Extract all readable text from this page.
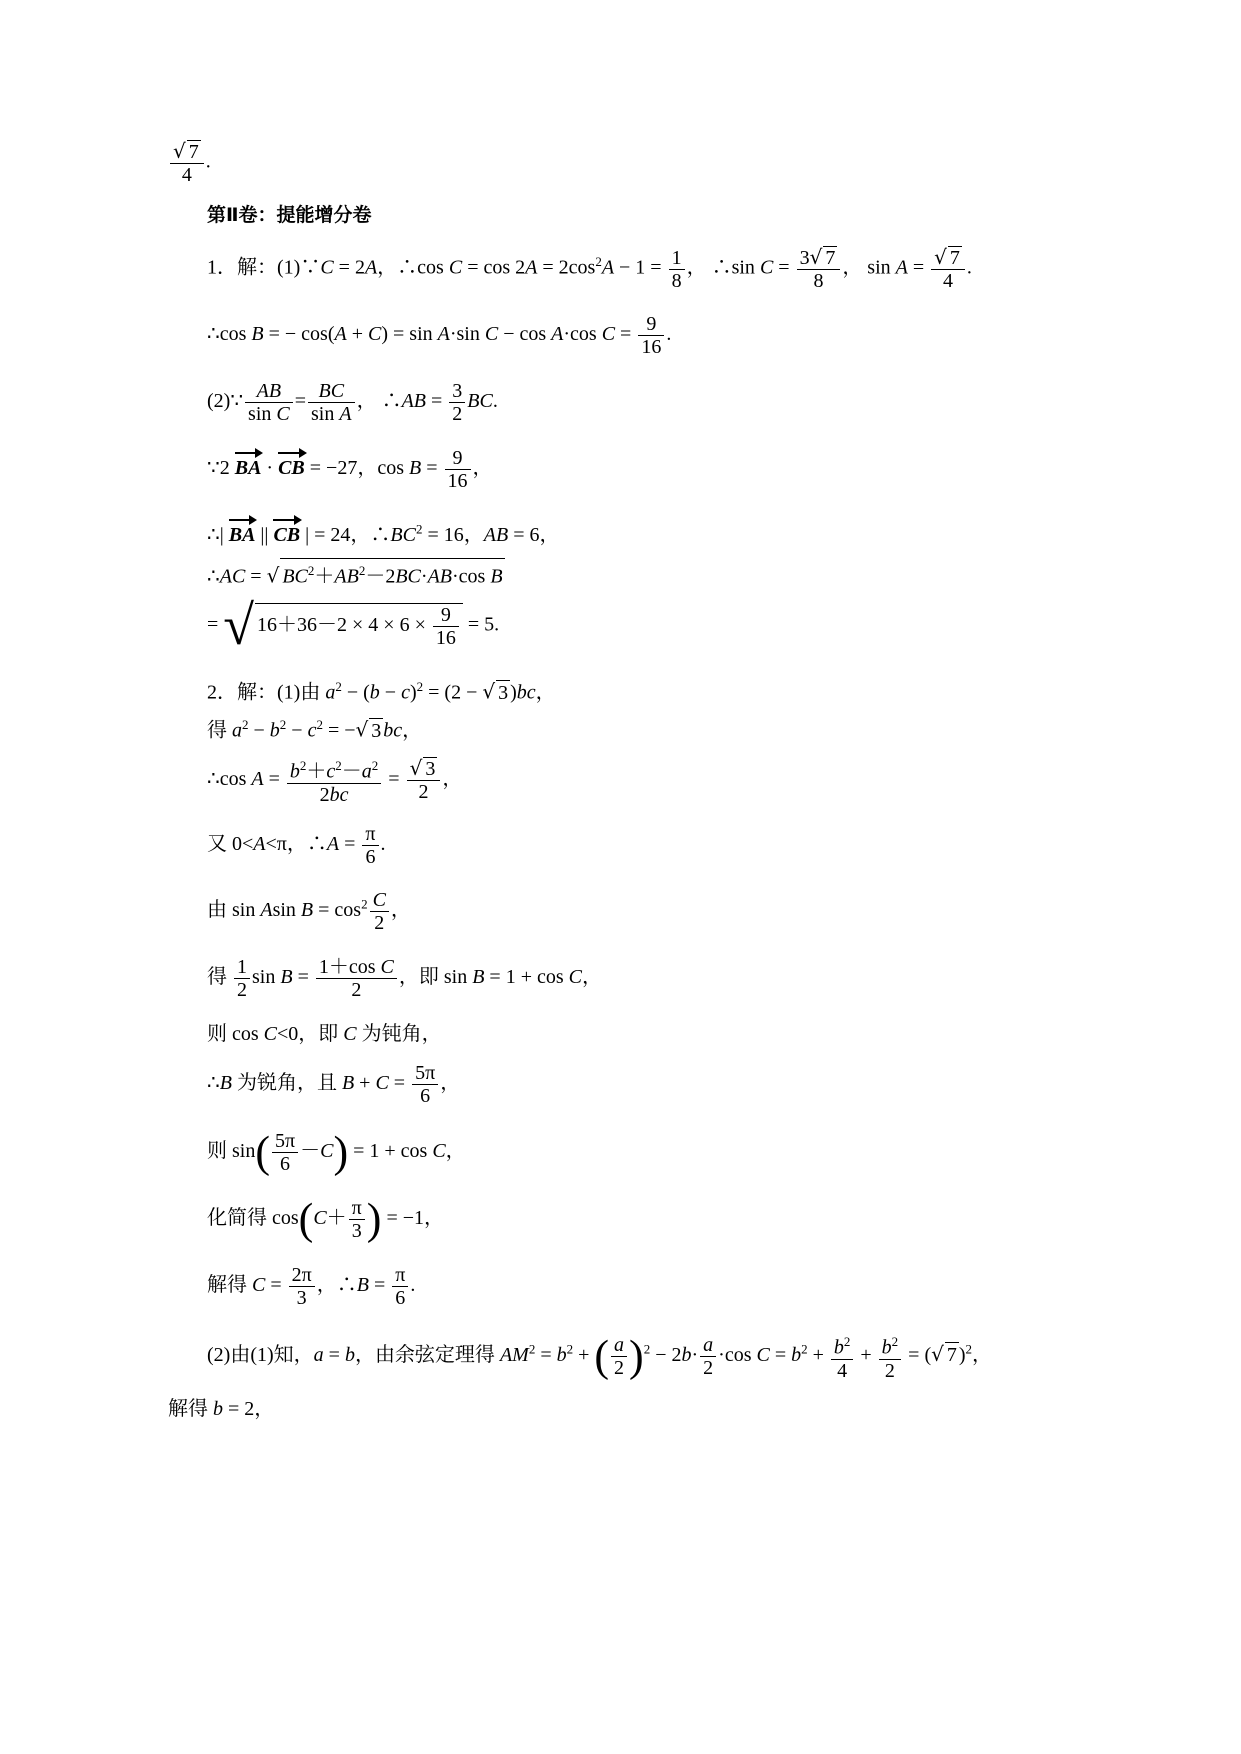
$\frac{√ 7}{4}$ .
第Ⅱ卷：提能增分卷
1．解：(1)∵C = 2A，∴cos $C = \cos 2A = 2\cos^2A - 1 = \frac{1}{8}$ ， ∴sin $C = \frac{3√ 7}{8}$ ， $\sin A = \frac{√ 7}{4}$ .
∴cos B = − cos(A + C) = sin A·sin C − cos A·cos $C = \frac{9}{16}$ .
(2)∵ $\frac{AB}{\text{sin C}} = \frac{BC}{\text{sin A}}$ ， ∴AB = $\frac{3}{2}$ BC.
∵2 BA · CB = −27，$\cos B = \frac{9}{16}$ ，
∴| BA || CB | = 24，$\therefore BC^2 = 16$，AB = 6，
∴AC = √ $BC^2+AB^2-2BC\cdot AB\cdot\cos$ B
= √ $16+36-2 \times 4 \times 6 \times \frac{9}{16} = 5$.
2．解：(1)由 $a^2 - (b - c)^2 = (2$ − √ 3 )bc，
得 $a^2 - b^2 - c^2$ = −√ 3 bc，
∴cos $A = \frac{b^2+c^2-a^2}{2bc} = \frac{√ 3}{2}$ ，
又 0<A<π，∴A = $\frac{\pi}{6}$ .
由 sin Asin $B = \cos^2 \frac{C}{2}$ ，
得 $\frac{1}{2}$ $\sin B = \frac{\text{1＋cos C}}{2}$ ，即 sin B = 1 + cos C，
则 cos C<0，即 C 为钝角，
∴B 为锐角，且 $B + C = \frac{5\pi}{6}$ ，
则 $\sin( \frac{5\pi}{6} -C) = 1 + \cos C$，
化简得 $\cos(C+ \frac{\pi}{3}$ ) = −1，
解得 $C = \frac{2\pi}{3}$ ，∴B = $\frac{\pi}{6}$ .
(2)由(1)知，a = b，由余弦定理得 $AM^2 = b^2$ + ( $\frac{a}{2} )^2 - 2b\cdot \frac{a}{2} \cdot\cos$ $C = b^2 + \frac{b^2}{4} + \frac{b^2}{2}$ = (√ 7 )$^2$，
解得 b = 2，
